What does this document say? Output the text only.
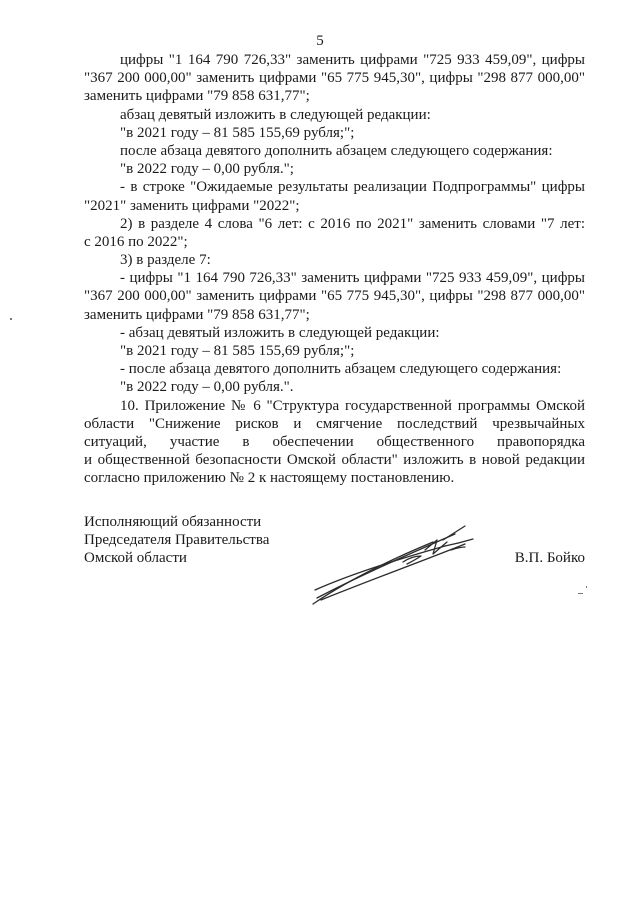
5
цифры "1 164 790 726,33" заменить цифрами "725 933 459,09", цифры
"367 200 000,00" заменить цифрами "65 775 945,30", цифры "298 877 000,00"
заменить цифрами "79 858 631,77";
абзац девятый изложить в следующей редакции:
"в 2021 году – 81 585 155,69 рубля;";
после абзаца девятого дополнить абзацем следующего содержания:
"в 2022 году – 0,00 рубля.";
- в строке "Ожидаемые результаты реализации Подпрограммы" цифры
"2021" заменить цифрами "2022";
2) в разделе 4 слова "6 лет: с 2016 по 2021" заменить словами "7 лет:
с 2016 по 2022";
3) в разделе 7:
- цифры "1 164 790 726,33" заменить цифрами "725 933 459,09", цифры
"367 200 000,00" заменить цифрами "65 775 945,30", цифры "298 877 000,00"
заменить цифрами "79 858 631,77";
- абзац девятый изложить в следующей редакции:
"в 2021 году – 81 585 155,69 рубля;";
- после абзаца девятого дополнить абзацем следующего содержания:
"в 2022 году – 0,00 рубля.".
10. Приложение № 6 "Структура государственной программы Омской
области "Снижение рисков и смягчение последствий чрезвычайных
ситуаций, участие в обеспечении общественного правопорядка
и общественной безопасности Омской области" изложить в новой редакции
согласно приложению № 2 к настоящему постановлению.
Исполняющий обязанности
Председателя Правительства
Омской области	В.П. Бойко
